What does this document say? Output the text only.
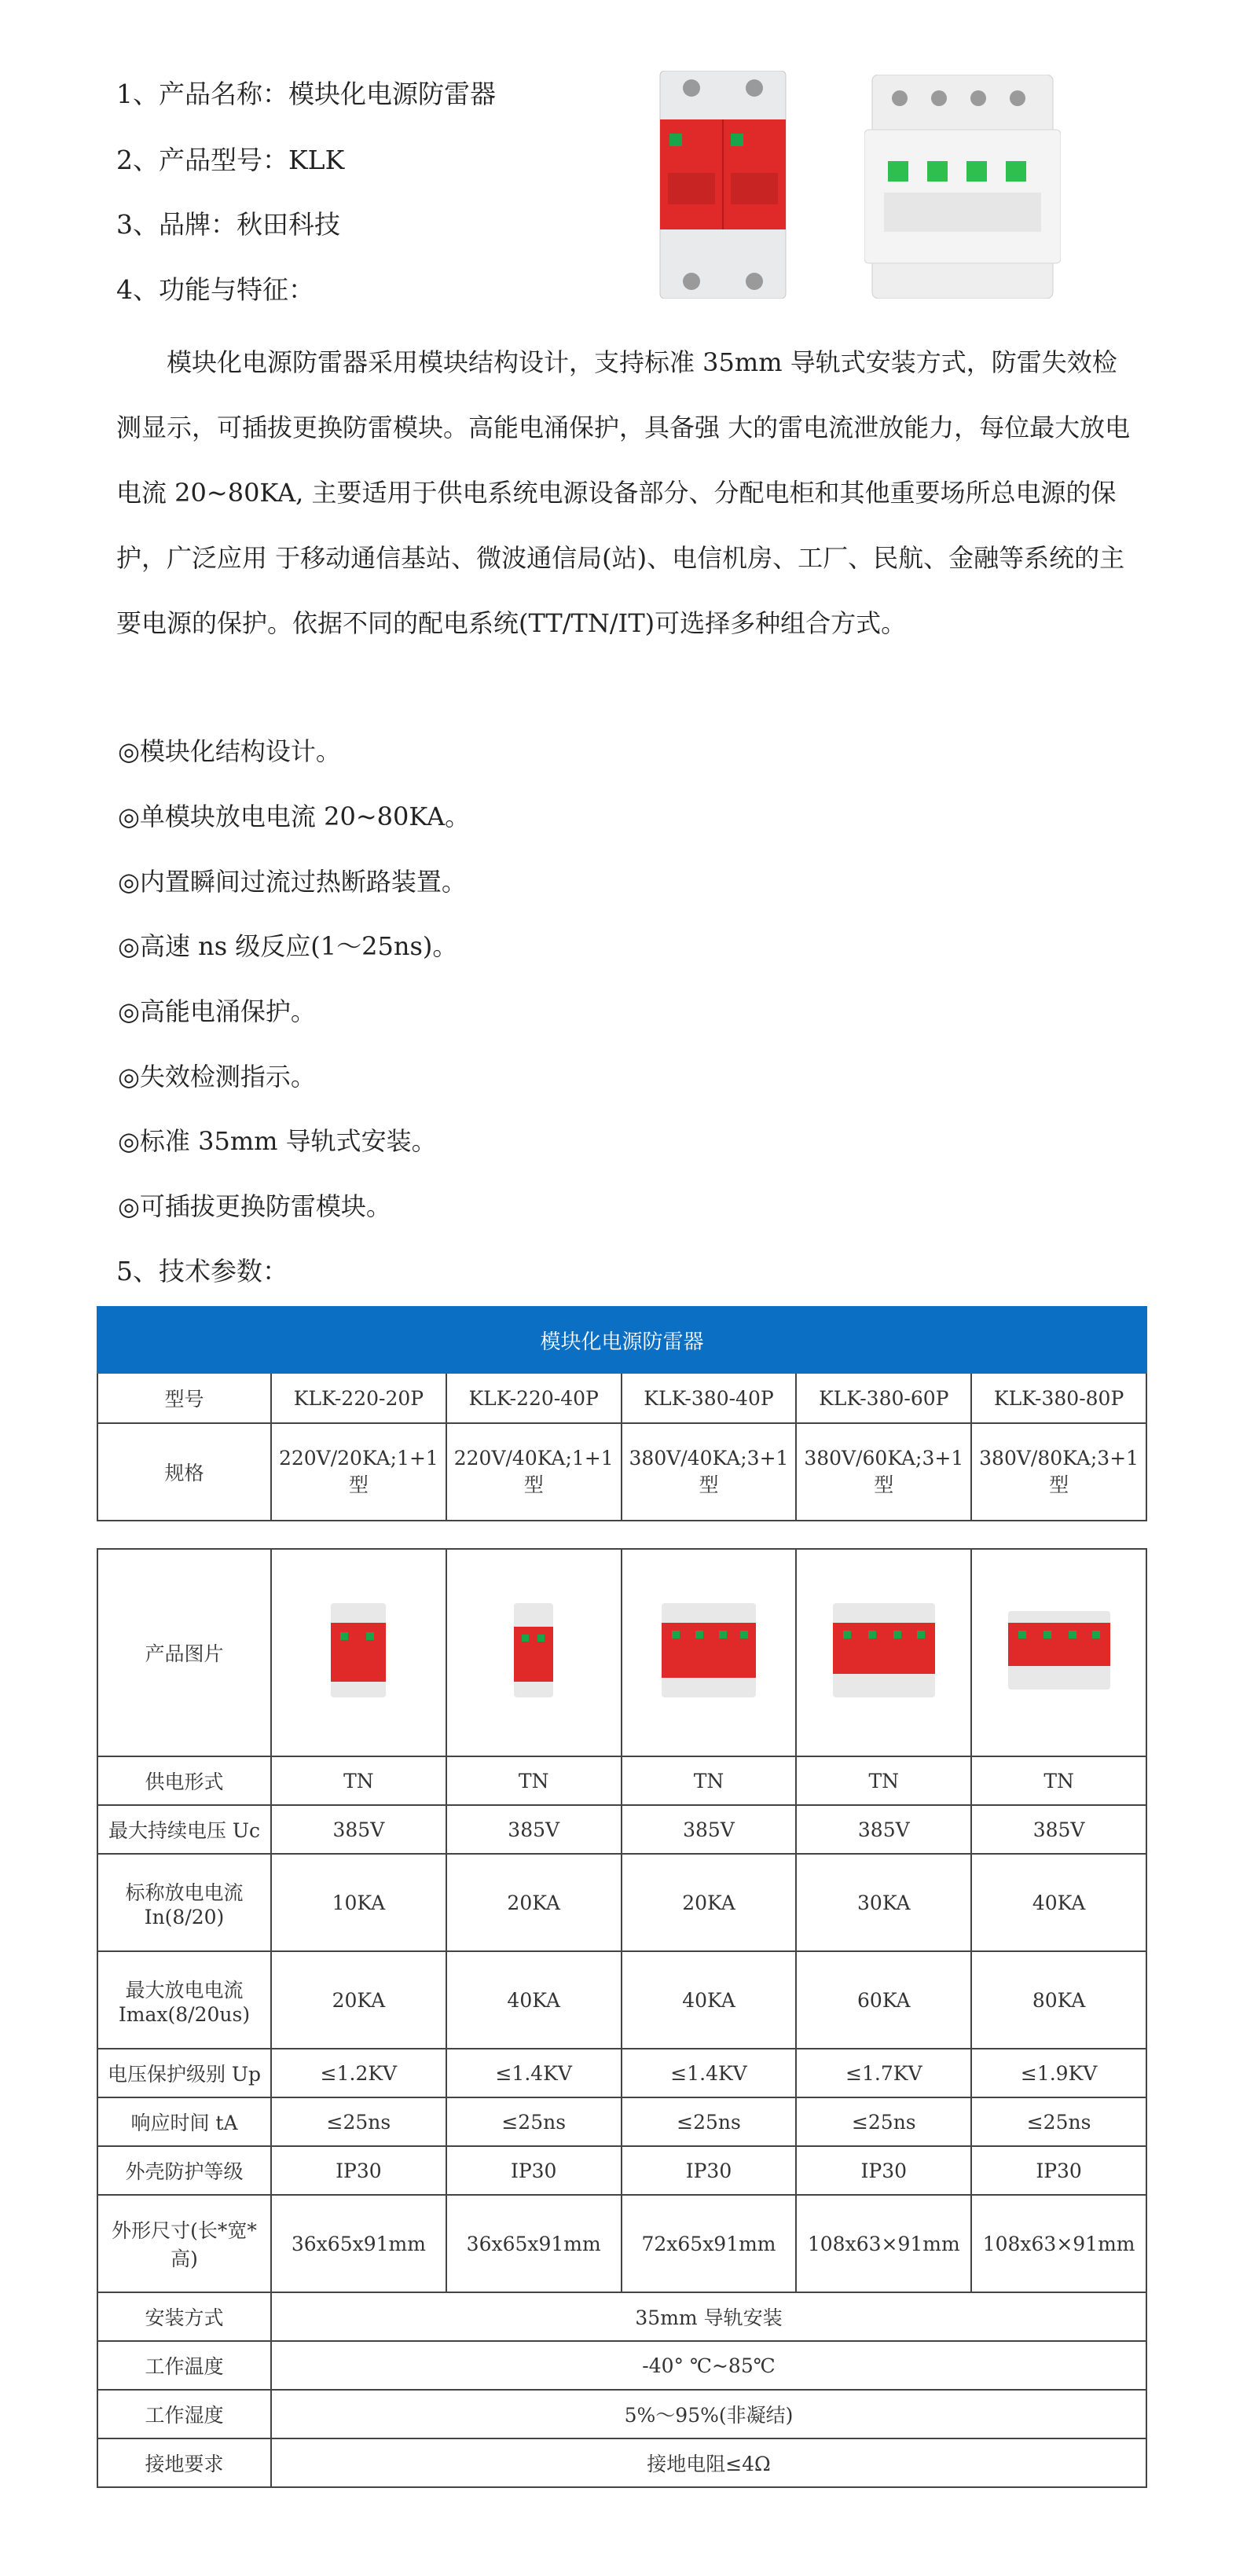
1、产品名称：模块化电源防雷器
2、产品型号：KLK
3、品牌：秋田科技
4、功能与特征：
模块化电源防雷器采用模块结构设计，支持标准 35mm 导轨式安装方式，防雷失效检测显示，可插拔更换防雷模块。高能电涌保护，具备强 大的雷电流泄放能力，每位最大放电电流 20~80KA, 主要适用于供电系统电源设备部分、分配电柜和其他重要场所总电源的保护，广泛应用 于移动通信基站、微波通信局(站)、电信机房、工厂、民航、金融等系统的主要电源的保护。依据不同的配电系统(TT/TN/IT)可选择多种组合方式。
◎模块化结构设计。
◎单模块放电电流 20~80KA。
◎内置瞬间过流过热断路装置。
◎高速 ns 级反应(1～25ns)。
◎高能电涌保护。
◎失效检测指示。
◎标准 35mm 导轨式安装。
◎可插拔更换防雷模块。
5、技术参数：
模块化电源防雷器					
型号	KLK-220-20P	KLK-220-40P	KLK-380-40P	KLK-380-60P	KLK-380-80P
规格	220V/20KA;1+1型	220V/40KA;1+1型	380V/40KA;3+1型	380V/60KA;3+1型	380V/80KA;3+1 型
产品图片					
供电形式	TN	TN	TN	TN	TN
最大持续电压 Uc	385V	385V	385V	385V	385V
标称放电电流 In(8/20)	10KA	20KA	20KA	30KA	40KA
最大放电电流 Imax(8/20us)	20KA	40KA	40KA	60KA	80KA
电压保护级别 Up	≤1.2KV	≤1.4KV	≤1.4KV	≤1.7KV	≤1.9KV
响应时间 tA	≤25ns	≤25ns	≤25ns	≤25ns	≤25ns
外壳防护等级	IP30	IP30	IP30	IP30	IP30
外形尺寸(长*宽*高)	36x65x91mm	36x65x91mm	72x65x91mm	108x63×91mm	108x63×91mm
安装方式	35mm 导轨安装				
工作温度	-40° ℃~85℃				
工作湿度	5%～95%(非凝结)				
接地要求	接地电阻≤4Ω				
